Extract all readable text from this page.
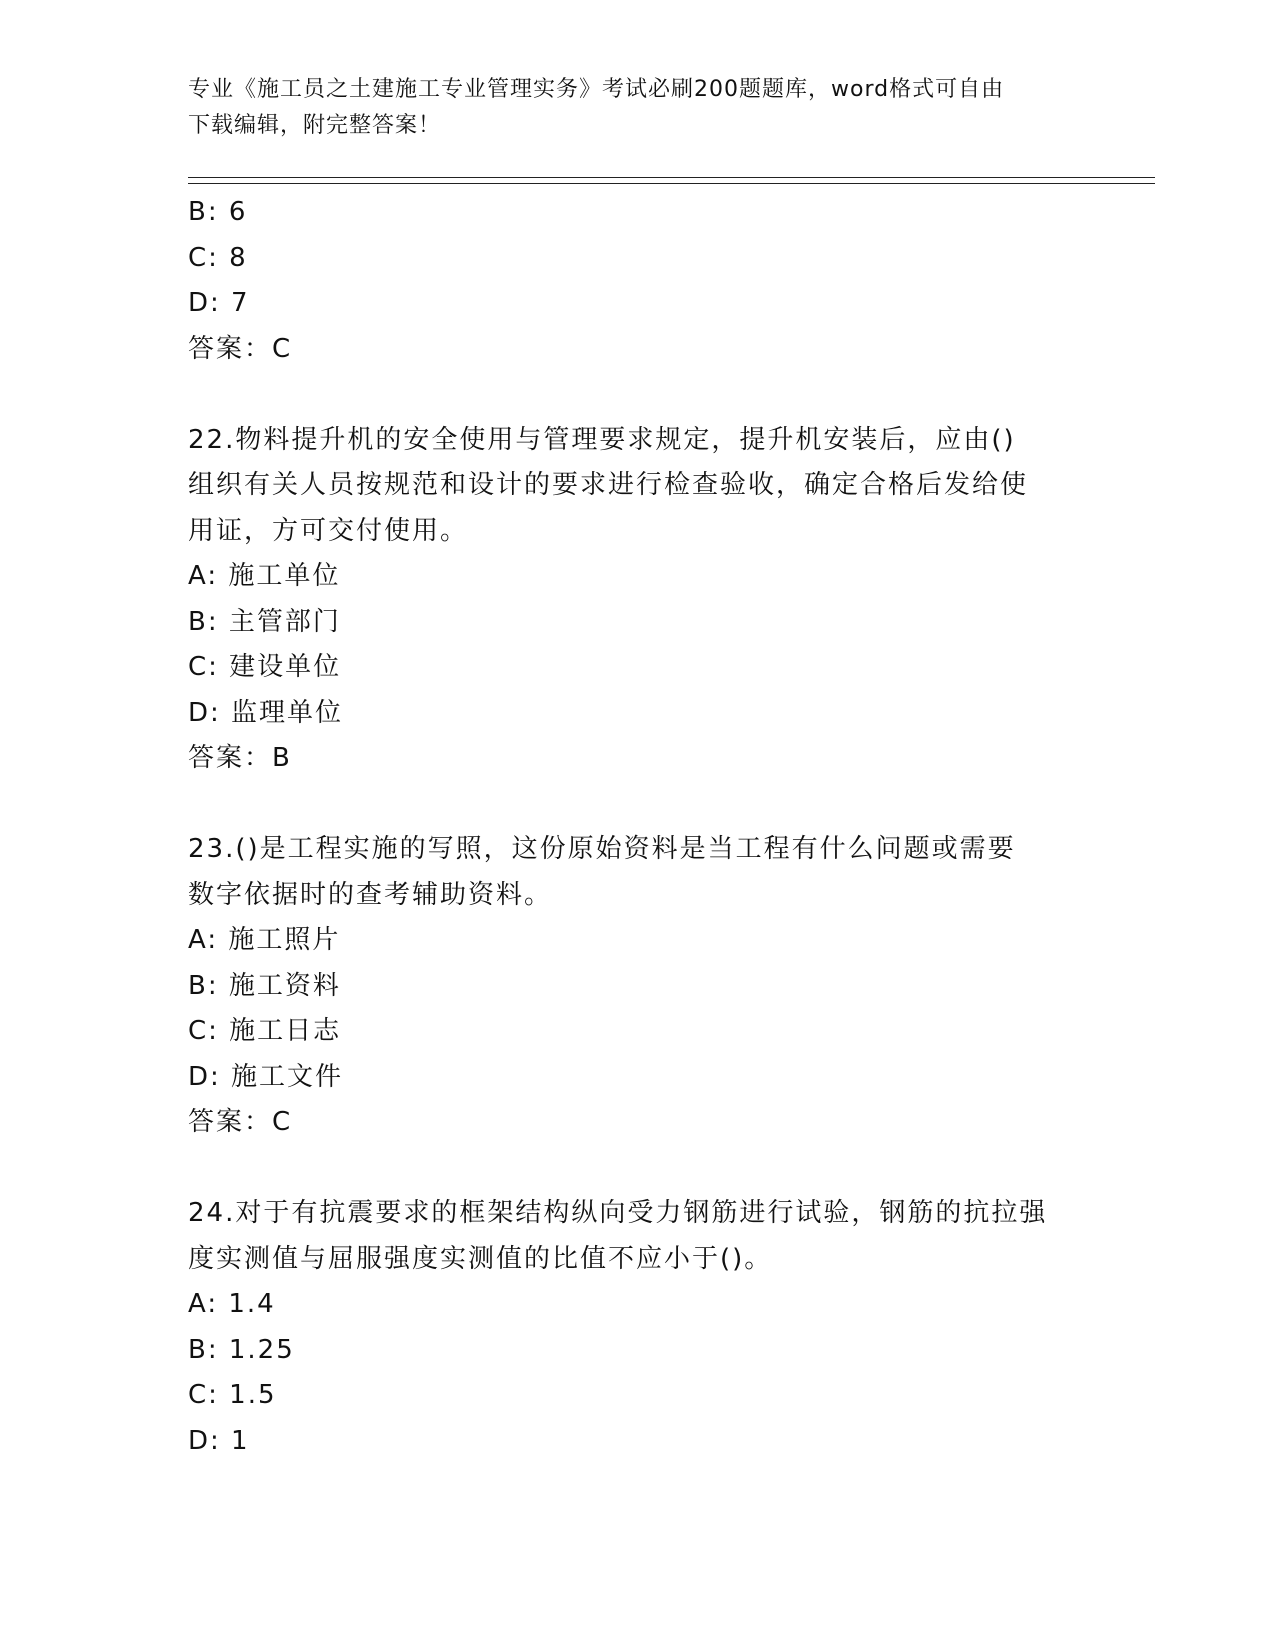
专业《施工员之土建施工专业管理实务》考试必刷200题题库，word格式可自由
下载编辑，附完整答案！
B: 6
C: 8
D: 7
答案：C
22.物料提升机的安全使用与管理要求规定，提升机安装后，应由()
组织有关人员按规范和设计的要求进行检查验收，确定合格后发给使
用证，方可交付使用。
A: 施工单位
B: 主管部门
C: 建设单位
D: 监理单位
答案：B
23.()是工程实施的写照，这份原始资料是当工程有什么问题或需要
数字依据时的查考辅助资料。
A: 施工照片
B: 施工资料
C: 施工日志
D: 施工文件
答案：C
24.对于有抗震要求的框架结构纵向受力钢筋进行试验，钢筋的抗拉强
度实测值与屈服强度实测值的比值不应小于()。
A: 1.4
B: 1.25
C: 1.5
D: 1
